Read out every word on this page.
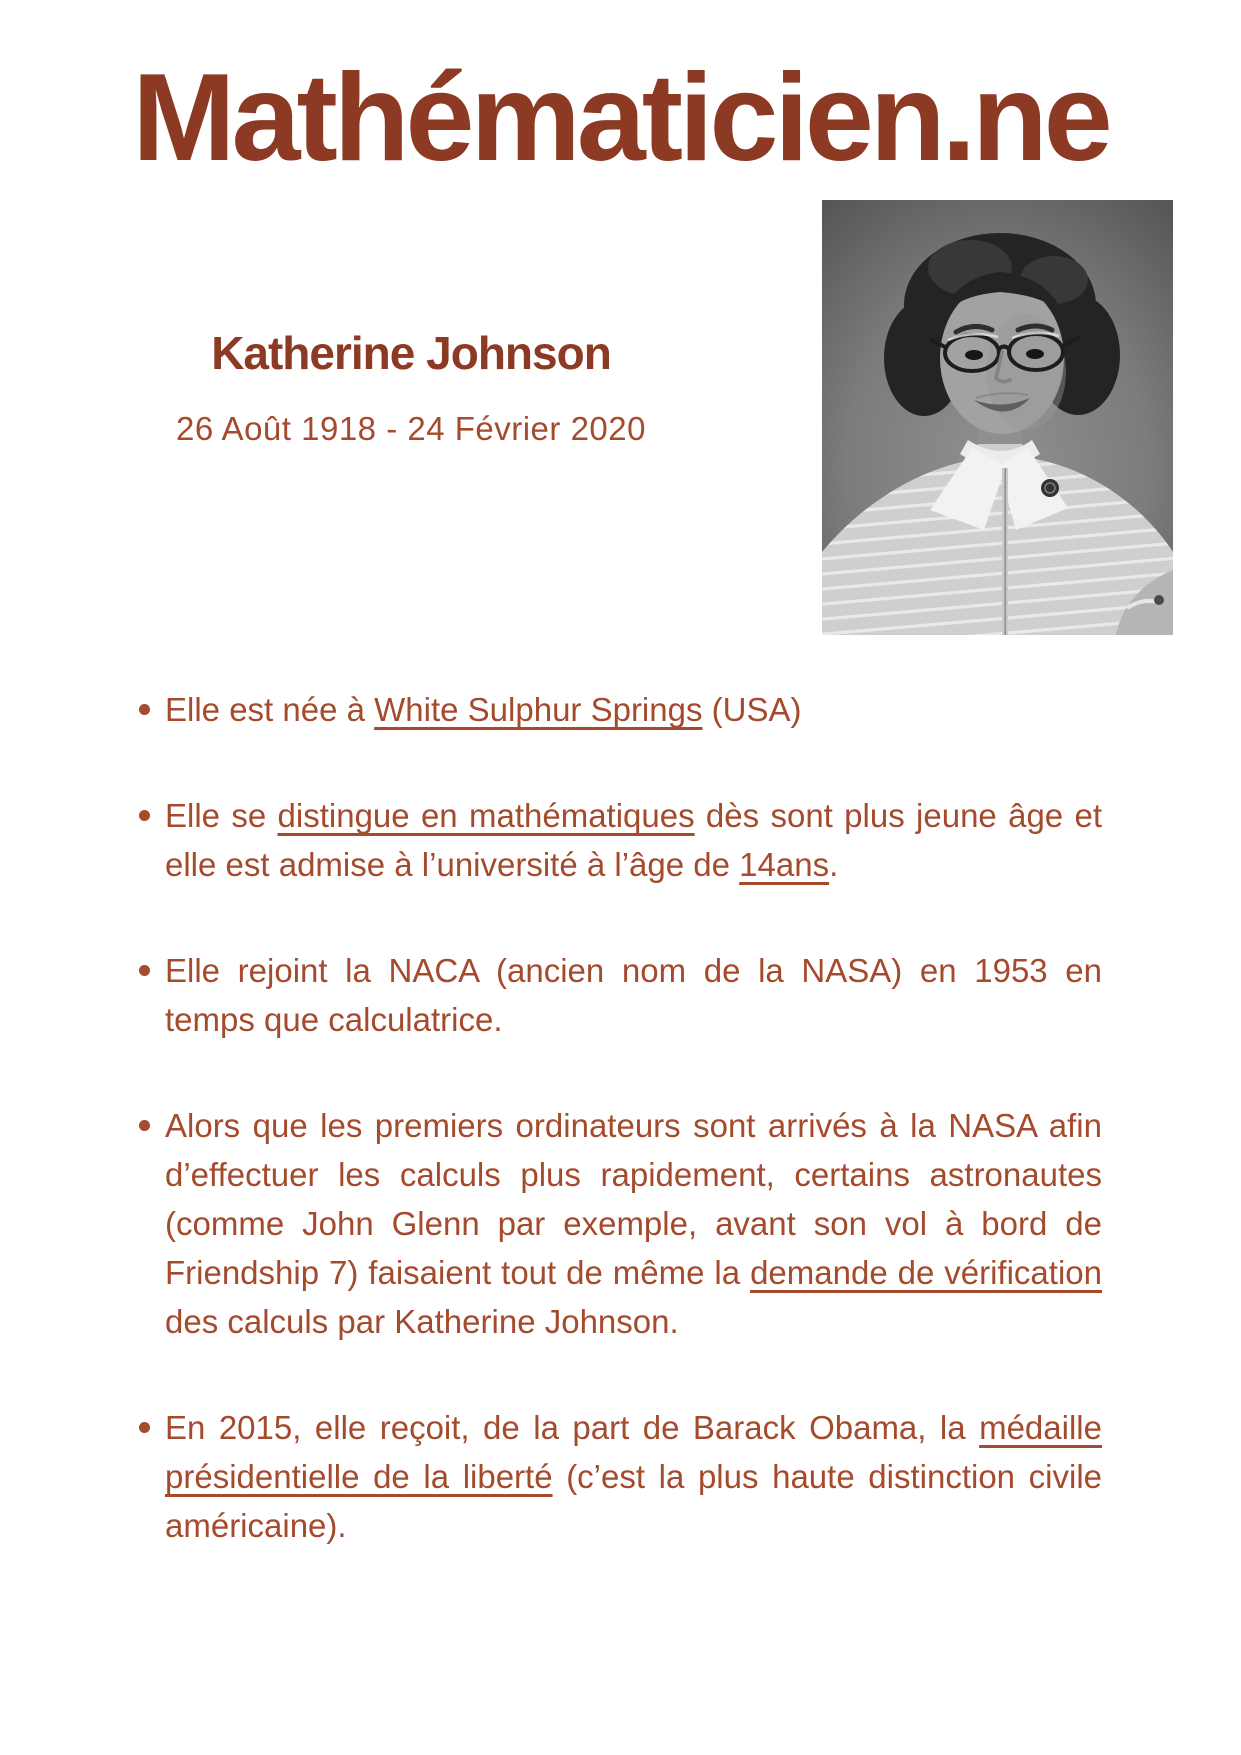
Mathématicien.ne
Katherine Johnson
26 Août 1918 - 24 Février 2020
Elle est née à White Sulphur Springs (USA)
Elle se distingue en mathématiques dès sont plus jeune âge et elle est admise à l’université à l’âge de 14ans.
Elle rejoint la NACA (ancien nom de la NASA) en 1953 en temps que calculatrice.
Alors que les premiers ordinateurs sont arrivés à la NASA afin d’effectuer les calculs plus rapidement, certains astronautes (comme John Glenn par exemple, avant son vol à bord de Friendship 7) faisaient tout de même la demande de vérification des calculs par Katherine Johnson.
En 2015, elle reçoit, de la part de Barack Obama, la médaille présidentielle de la liberté (c’est la plus haute distinction civile américaine).
